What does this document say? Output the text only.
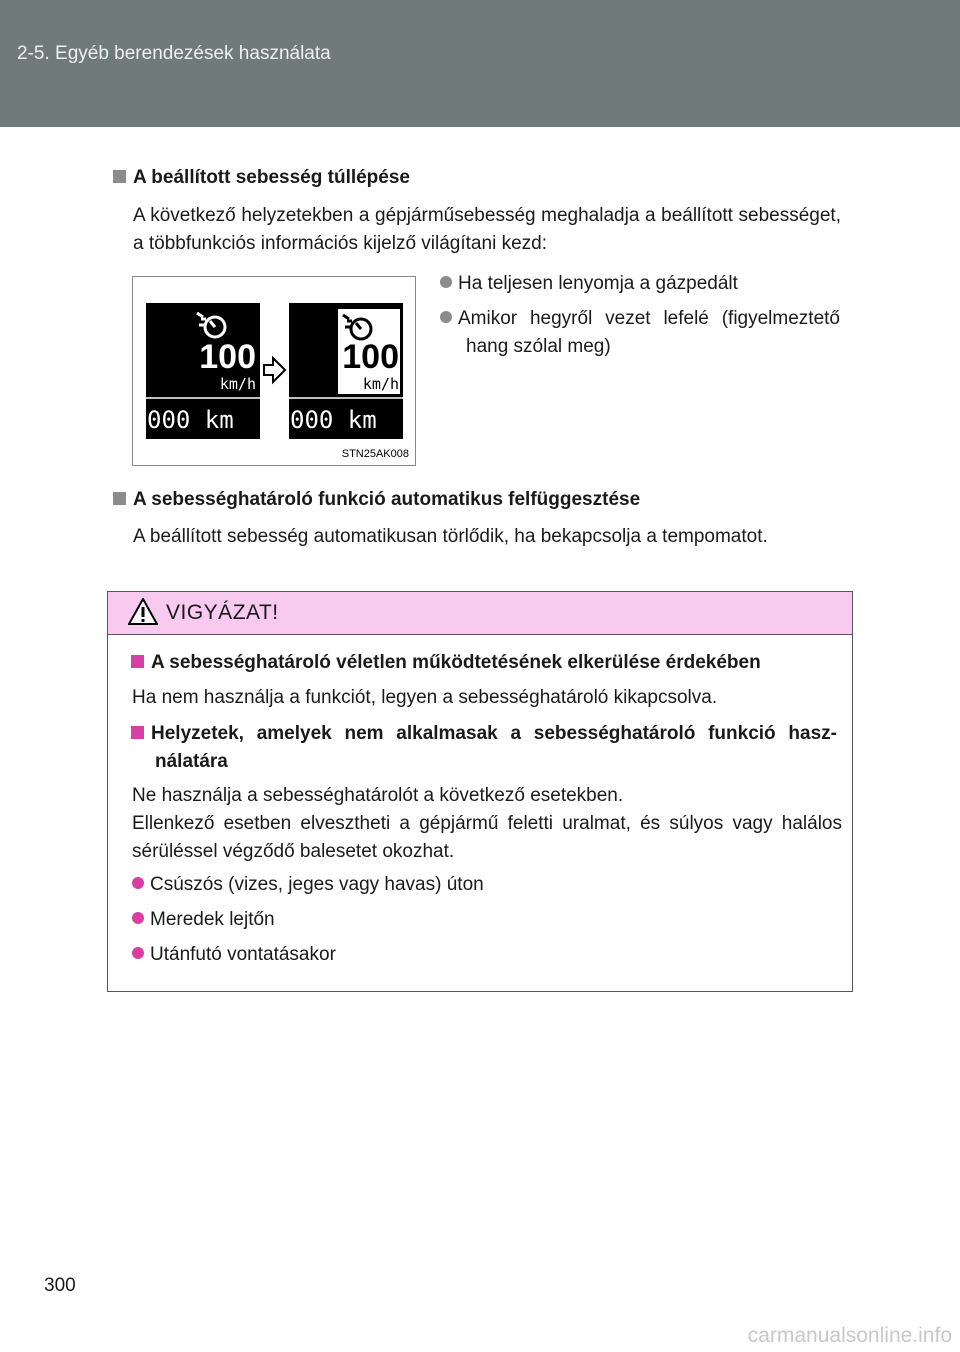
2-5. Egyéb berendezések használata
A beállított sebesség túllépése
A következő helyzetekben a gépjárműsebesség meghaladja a beállított sebességet, a többfunkciós információs kijelző világítani kezd:
100
km/h
000 km
100
km/h
000 km
STN25AK008
Ha teljesen lenyomja a gázpedált
Amikor hegyről vezet lefelé (figyelmeztető hang szólal meg)
A sebességhatároló funkció automatikus felfüggesztése
A beállított sebesség automatikusan törlődik, ha bekapcsolja a tempomatot.
VIGYÁZAT!
A sebességhatároló véletlen működtetésének elkerülése érdekében
Ha nem használja a funkciót, legyen a sebességhatároló kikapcsolva.
Helyzetek, amelyek nem alkalmasak a sebességhatároló funkció használatára
Ne használja a sebességhatárolót a következő esetekben.
Ellenkező esetben elvesztheti a gépjármű feletti uralmat, és súlyos vagy halálos sérüléssel végződő balesetet okozhat.
Csúszós (vizes, jeges vagy havas) úton
Meredek lejtőn
Utánfutó vontatásakor
300
carmanualsonline.info
